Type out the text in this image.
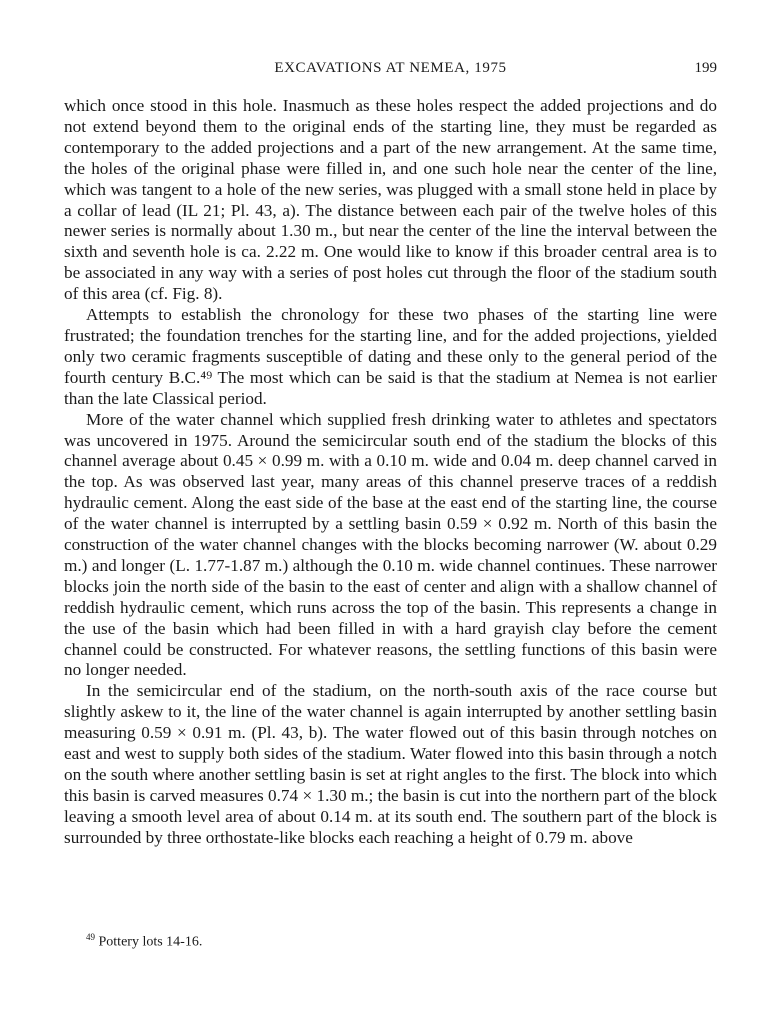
EXCAVATIONS AT NEMEA, 1975	199

which once stood in this hole. Inasmuch as these holes respect the added projections and do not extend beyond them to the original ends of the starting line, they must be regarded as contemporary to the added projections and a part of the new arrangement. At the same time, the holes of the original phase were filled in, and one such hole near the center of the line, which was tangent to a hole of the new series, was plugged with a small stone held in place by a collar of lead (IL 21; Pl. 43, a). The distance between each pair of the twelve holes of this newer series is normally about 1.30 m., but near the center of the line the interval between the sixth and seventh hole is ca. 2.22 m. One would like to know if this broader central area is to be associated in any way with a series of post holes cut through the floor of the stadium south of this area (cf. Fig. 8).

Attempts to establish the chronology for these two phases of the starting line were frustrated; the foundation trenches for the starting line, and for the added projections, yielded only two ceramic fragments susceptible of dating and these only to the general period of the fourth century B.C.⁴⁹ The most which can be said is that the stadium at Nemea is not earlier than the late Classical period.

More of the water channel which supplied fresh drinking water to athletes and spectators was uncovered in 1975. Around the semicircular south end of the stadium the blocks of this channel average about 0.45 × 0.99 m. with a 0.10 m. wide and 0.04 m. deep channel carved in the top. As was observed last year, many areas of this channel preserve traces of a reddish hydraulic cement. Along the east side of the base at the east end of the starting line, the course of the water channel is interrupted by a settling basin 0.59 × 0.92 m. North of this basin the construction of the water channel changes with the blocks becoming narrower (W. about 0.29 m.) and longer (L. 1.77-1.87 m.) although the 0.10 m. wide channel continues. These narrower blocks join the north side of the basin to the east of center and align with a shallow channel of reddish hydraulic cement, which runs across the top of the basin. This represents a change in the use of the basin which had been filled in with a hard grayish clay before the cement channel could be constructed. For whatever reasons, the settling functions of this basin were no longer needed.

In the semicircular end of the stadium, on the north-south axis of the race course but slightly askew to it, the line of the water channel is again interrupted by another settling basin measuring 0.59 × 0.91 m. (Pl. 43, b). The water flowed out of this basin through notches on east and west to supply both sides of the stadium. Water flowed into this basin through a notch on the south where another settling basin is set at right angles to the first. The block into which this basin is carved measures 0.74 × 1.30 m.; the basin is cut into the northern part of the block leaving a smooth level area of about 0.14 m. at its south end. The southern part of the block is surrounded by three orthostate-like blocks each reaching a height of 0.79 m. above

$^{49}$ Pottery lots 14-16.
